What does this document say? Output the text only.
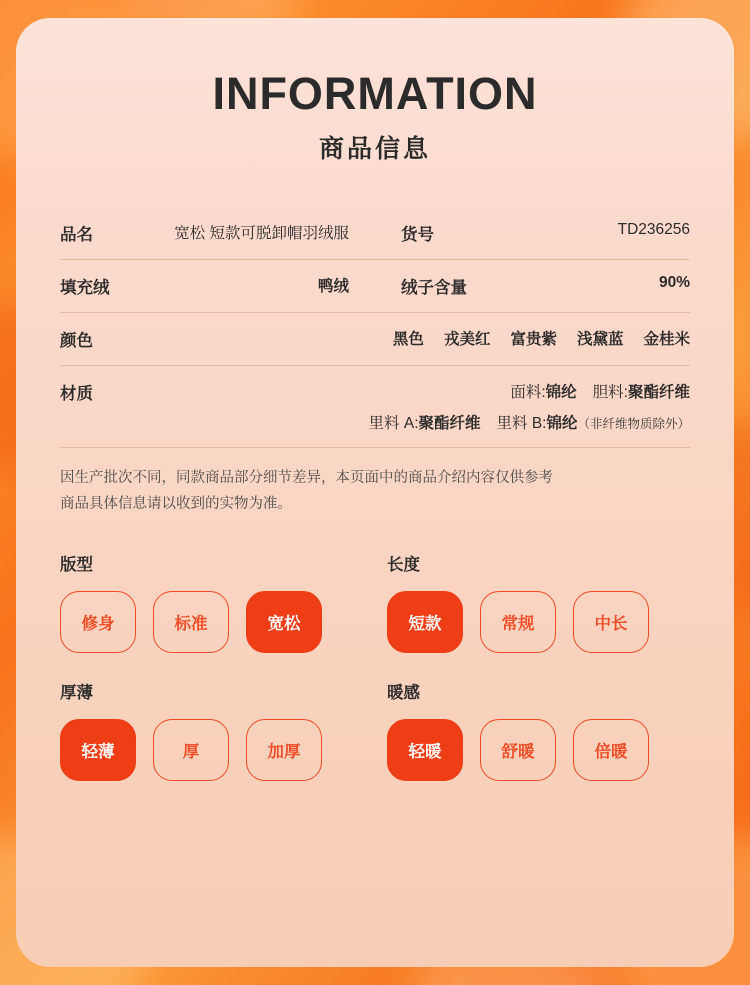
INFORMATION
商品信息
品名	宽松 短款可脱卸帽羽绒服	货号	TD236256
填充绒	鸭绒	绒子含量	90%
颜色	黑色 戎美红 富贵紫 浅黛蓝 金桂米
材质	面料:锦纶 胆料:聚酯纤维
里料 A:聚酯纤维 里料 B:锦纶（非纤维物质除外）
因生产批次不同，同款商品部分细节差异，本页面中的商品介绍内容仅供参考
商品具体信息请以收到的实物为准。
版型
修身	标准	宽松
长度
短款	常规	中长
厚薄
轻薄	厚	加厚
暖感
轻暖	舒暖	倍暖
